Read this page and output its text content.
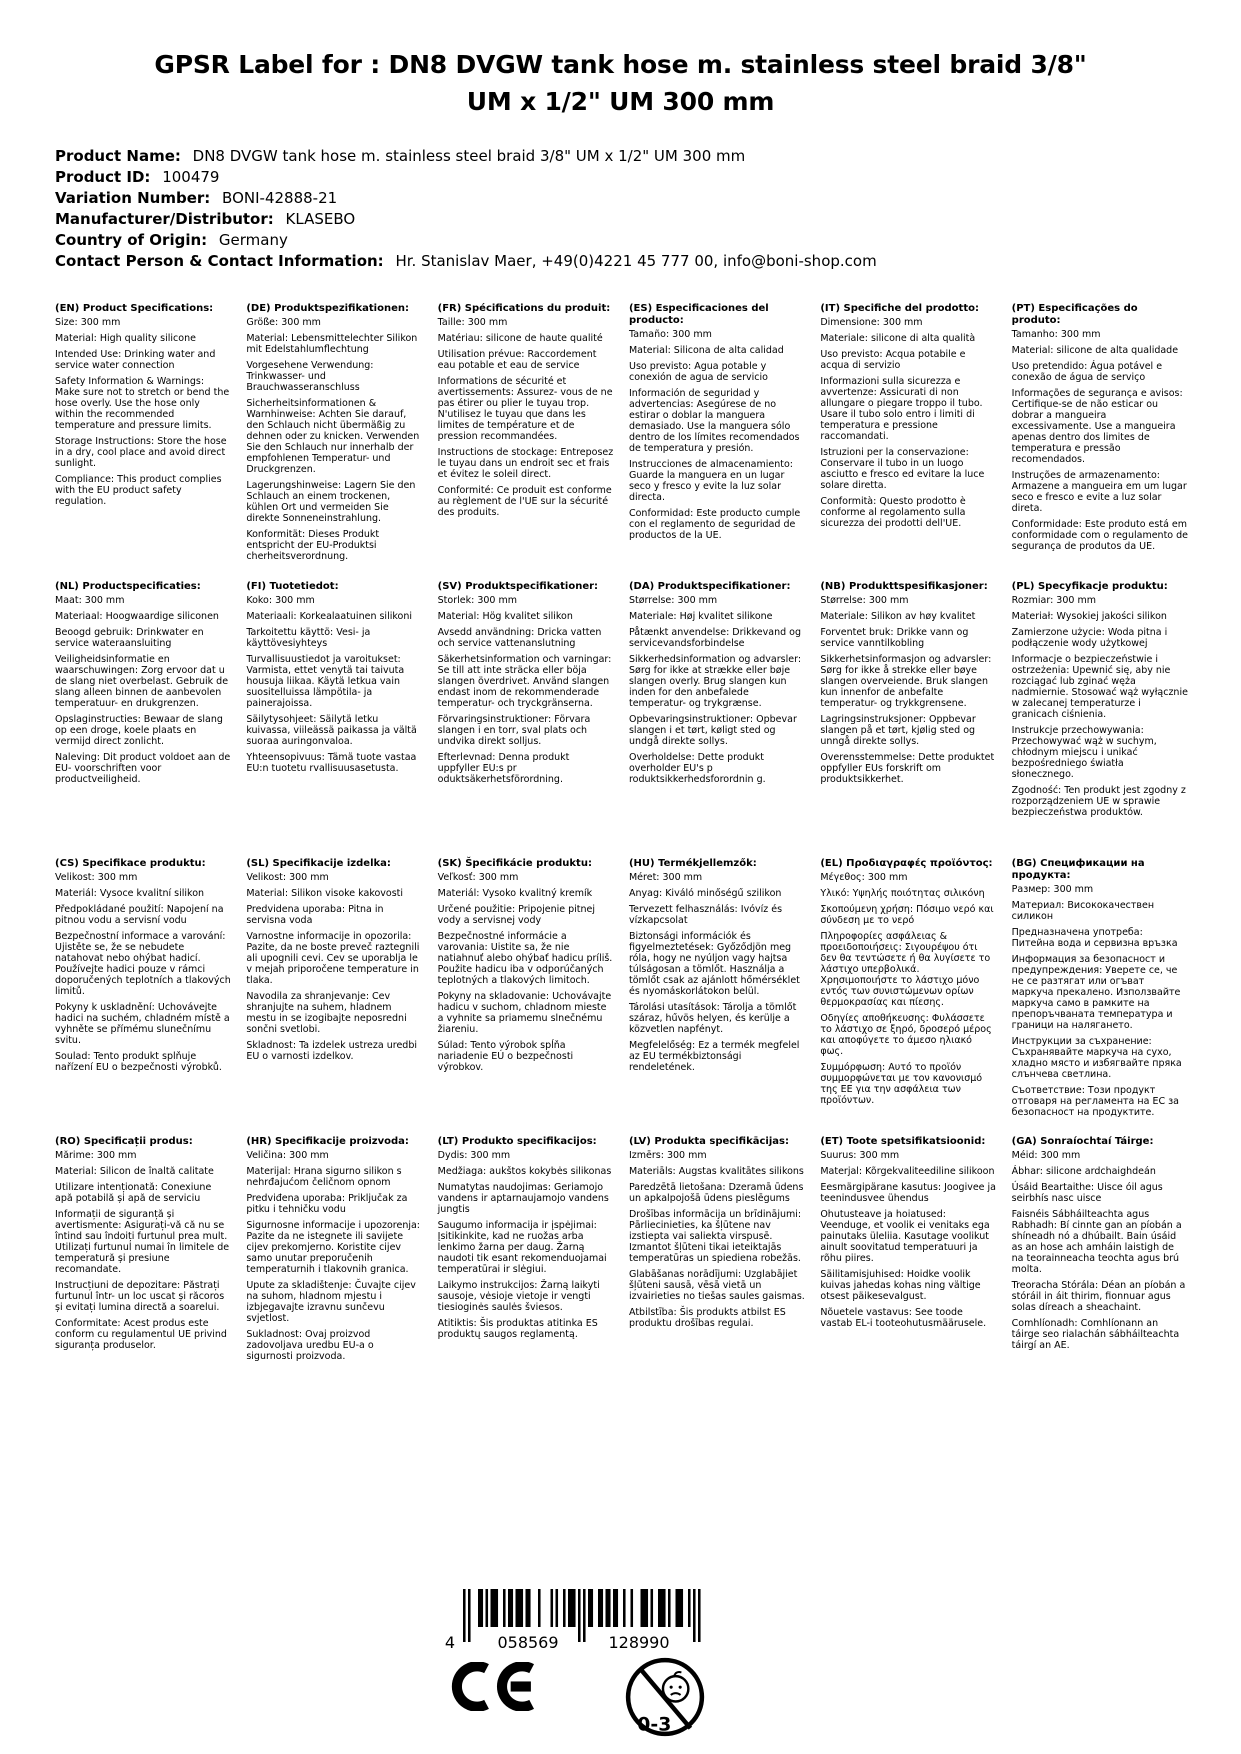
GPSR Label for : DN8 DVGW tank hose m. stainless steel braid 3/8"
UM x 1/2" UM 300 mm
Product Name: DN8 DVGW tank hose m. stainless steel braid 3/8" UM x 1/2" UM 300 mm
Product ID: 100479
Variation Number: BONI-42888-21
Manufacturer/Distributor: KLASEBO
Country of Origin: Germany
Contact Person & Contact Information: Hr. Stanislav Maer, +49(0)4221 45 777 00, info@boni-shop.com
(EN) Product Specifications:

Size: 300 mm

Material: High quality silicone

Intended Use: Drinking water and service water connection

Safety Information & Warnings: Make sure not to stretch or bend the hose overly. Use the hose only within the recommended temperature and pressure limits.

Storage Instructions: Store the hose in a dry, cool place and avoid direct sunlight.

Compliance: This product complies with the EU product safety regulation.

(DE) Produktspezifikationen:

Größe: 300 mm

Material: Lebensmittelechter Silikon mit Edelstahlumflechtung

Vorgesehene Verwendung: Trinkwasser- und Brauchwasseranschluss

Sicherheitsinformationen & Warnhinweise: Achten Sie darauf, den Schlauch nicht übermäßig zu dehnen oder zu knicken. Verwenden Sie den Schlauch nur innerhalb der empfohlenen Temperatur- und Druckgrenzen.

Lagerungshinweise: Lagern Sie den Schlauch an einem trockenen, kühlen Ort und vermeiden Sie direkte Sonneneinstrahlung.

Konformität: Dieses Produkt entspricht der EU-Produktsi cherheitsverordnung.

(FR) Spécifications du produit:

Taille: 300 mm

Matériau: silicone de haute qualité

Utilisation prévue: Raccordement eau potable et eau de service

Informations de sécurité et avertissements: Assurez- vous de ne pas étirer ou plier le tuyau trop. N'utilisez le tuyau que dans les limites de température et de pression recommandées.

Instructions de stockage: Entreposez le tuyau dans un endroit sec et frais et évitez le soleil direct.

Conformité: Ce produit est conforme au règlement de l'UE sur la sécurité des produits.

(ES) Especificaciones del producto:

Tamaño: 300 mm

Material: Silicona de alta calidad

Uso previsto: Agua potable y conexión de agua de servicio

Información de seguridad y advertencias: Asegúrese de no estirar o doblar la manguera demasiado. Use la manguera sólo dentro de los límites recomendados de temperatura y presión.

Instrucciones de almacenamiento: Guarde la manguera en un lugar seco y fresco y evite la luz solar directa.

Conformidad: Este producto cumple con el reglamento de seguridad de productos de la UE.

(IT) Specifiche del prodotto:

Dimensione: 300 mm

Materiale: silicone di alta qualità

Uso previsto: Acqua potabile e acqua di servizio

Informazioni sulla sicurezza e avvertenze: Assicurati di non allungare o piegare troppo il tubo. Usare il tubo solo entro i limiti di temperatura e pressione raccomandati.

Istruzioni per la conservazione: Conservare il tubo in un luogo asciutto e fresco ed evitare la luce solare diretta.

Conformità: Questo prodotto è conforme al regolamento sulla sicurezza dei prodotti dell'UE.

(PT) Especificações do produto:

Tamanho: 300 mm

Material: silicone de alta qualidade

Uso pretendido: Água potável e conexão de água de serviço

Informações de segurança e avisos: Certifique-se de não esticar ou dobrar a mangueira excessivamente. Use a mangueira apenas dentro dos limites de temperatura e pressão recomendados.

Instruções de armazenamento: Armazene a mangueira em um lugar seco e fresco e evite a luz solar direta.

Conformidade: Este produto está em conformidade com o regulamento de segurança de produtos da UE.

(NL) Productspecificaties:

Maat: 300 mm

Materiaal: Hoogwaardige siliconen

Beoogd gebruik: Drinkwater en service wateraansluiting

Veiligheidsinformatie en waarschuwingen: Zorg ervoor dat u de slang niet overbelast. Gebruik de slang alleen binnen de aanbevolen temperatuur- en drukgrenzen.

Opslaginstructies: Bewaar de slang op een droge, koele plaats en vermijd direct zonlicht.

Naleving: Dit product voldoet aan de EU- voorschriften voor productveiligheid.

(FI) Tuotetiedot:

Koko: 300 mm

Materiaali: Korkealaatuinen silikoni

Tarkoitettu käyttö: Vesi- ja käyttövesiyhteys

Turvallisuustiedot ja varoitukset: Varmista, ettet venytä tai taivuta housuja liikaa. Käytä letkua vain suositelluissa lämpötila- ja painerajoissa.

Säilytysohjeet: Säilytä letku kuivassa, viileässä paikassa ja vältä suoraa auringonvaloa.

Yhteensopivuus: Tämä tuote vastaa EU:n tuotetu rvallisuusasetusta.

(SV) Produktspecifikationer:

Storlek: 300 mm

Material: Hög kvalitet silikon

Avsedd användning: Dricka vatten och service vattenanslutning

Säkerhetsinformation och varningar: Se till att inte sträcka eller böja slangen överdrivet. Använd slangen endast inom de rekommenderade temperatur- och tryckgränserna.

Förvaringsinstruktioner: Förvara slangen i en torr, sval plats och undvika direkt solljus.

Efterlevnad: Denna produkt uppfyller EU:s pr oduktsäkerhetsförordning.

(DA) Produktspecifikationer:

Størrelse: 300 mm

Materiale: Høj kvalitet silikone

Påtænkt anvendelse: Drikkevand og servicevandsforbindelse

Sikkerhedsinformation og advarsler: Sørg for ikke at strække eller bøje slangen overly. Brug slangen kun inden for den anbefalede temperatur- og trykgrænse.

Opbevaringsinstruktioner: Opbevar slangen i et tørt, køligt sted og undgå direkte sollys.

Overholdelse: Dette produkt overholder EU's p roduktsikkerhedsforordnin g.

(NB) Produkttspesifikasjoner:

Størrelse: 300 mm

Materiale: Silikon av høy kvalitet

Forventet bruk: Drikke vann og service vanntilkobling

Sikkerhetsinformasjon og advarsler: Sørg for ikke å strekke eller bøye slangen overveiende. Bruk slangen kun innenfor de anbefalte temperatur- og trykkgrensene.

Lagringsinstruksjoner: Oppbevar slangen på et tørt, kjølig sted og unngå direkte sollys.

Overensstemmelse: Dette produktet oppfyller EUs forskrift om produktsikkerhet.

(PL) Specyfikacje produktu:

Rozmiar: 300 mm

Materiał: Wysokiej jakości silikon

Zamierzone użycie: Woda pitna i podłączenie wody użytkowej

Informacje o bezpieczeństwie i ostrzeżenia: Upewnić się, aby nie rozciągać lub zginać węża nadmiernie. Stosować wąż wyłącznie w zalecanej temperaturze i granicach ciśnienia.

Instrukcje przechowywania: Przechowywać wąż w suchym, chłodnym miejscu i unikać bezpośredniego światła słonecznego.

Zgodność: Ten produkt jest zgodny z rozporządzeniem UE w sprawie bezpieczeństwa produktów.

(CS) Specifikace produktu:

Velikost: 300 mm

Materiál: Vysoce kvalitní silikon

Předpokládané použití: Napojení na pitnou vodu a servisní vodu

Bezpečnostní informace a varování: Ujistěte se, že se nebudete natahovat nebo ohýbat hadicí. Používejte hadici pouze v rámci doporučených teplotních a tlakových limitů.

Pokyny k uskladnění: Uchovávejte hadici na suchém, chladném místě a vyhněte se přímému slunečnímu svitu.

Soulad: Tento produkt splňuje nařízení EU o bezpečnosti výrobků.

(SL) Specifikacije izdelka:

Velikost: 300 mm

Material: Silikon visoke kakovosti

Predvidena uporaba: Pitna in servisna voda

Varnostne informacije in opozorila: Pazite, da ne boste preveč raztegnili ali upognili cevi. Cev se uporablja le v mejah priporočene temperature in tlaka.

Navodila za shranjevanje: Cev shranjujte na suhem, hladnem mestu in se izogibajte neposredni sončni svetlobi.

Skladnost: Ta izdelek ustreza uredbi EU o varnosti izdelkov.

(SK) Špecifikácie produktu:

Veľkosť: 300 mm

Materiál: Vysoko kvalitný kremík

Určené použitie: Pripojenie pitnej vody a servisnej vody

Bezpečnostné informácie a varovania: Uistite sa, že nie natiahnuť alebo ohýbať hadicu príliš. Použite hadicu iba v odporúčaných teplotných a tlakových limitoch.

Pokyny na skladovanie: Uchovávajte hadicu v suchom, chladnom mieste a vyhnite sa priamemu slnečnému žiareniu.

Súlad: Tento výrobok spĺňa nariadenie EÚ o bezpečnosti výrobkov.

(HU) Termékjellemzők:

Méret: 300 mm

Anyag: Kiváló minőségű szilikon

Tervezett felhasználás: Ivóvíz és vízkapcsolat

Biztonsági információk és figyelmeztetések: Győződjön meg róla, hogy ne nyúljon vagy hajtsa túlságosan a tömlőt. Használja a tömlőt csak az ajánlott hőmérséklet és nyomáskorlátokon belül.

Tárolási utasítások: Tárolja a tömlőt száraz, hűvös helyen, és kerülje a közvetlen napfényt.

Megfelelőség: Ez a termék megfelel az EU termékbiztonsági rendeletének.

(EL) Προδιαγραφές προϊόντος:

Μέγεθος: 300 mm

Υλικό: Υψηλής ποιότητας σιλικόνη

Σκοπούμενη χρήση: Πόσιμο νερό και σύνδεση με το νερό

Πληροφορίες ασφάλειας & προειδοποιήσεις: Σιγουρέψου ότι δεν θα τεντώσετε ή θα λυγίσετε το λάστιχο υπερβολικά. Χρησιμοποιήστε το λάστιχο μόνο εντός των συνιστώμενων ορίων θερμοκρασίας και πίεσης.

Οδηγίες αποθήκευσης: Φυλάσσετε το λάστιχο σε ξηρό, δροσερό μέρος και αποφύγετε το άμεσο ηλιακό φως.

Συμμόρφωση: Αυτό το προϊόν συμμορφώνεται με τον κανονισμό της ΕΕ για την ασφάλεια των προϊόντων.

(BG) Спецификации на продукта:

Размер: 300 mm

Материал: Висококачествен силикон

Предназначена употреба: Питейна вода и сервизна връзка

Информация за безопасност и предупреждения: Уверете се, че не се разтягат или огъват маркуча прекалено. Използвайте маркуча само в рамките на препоръчваната температура и граници на налягането.

Инструкции за съхранение: Съхранявайте маркуча на сухо, хладно място и избягвайте пряка слънчева светлина.

Съответствие: Този продукт отговаря на регламента на ЕС за безопасност на продуктите.

(RO) Specificații produs:

Mărime: 300 mm

Material: Silicon de înaltă calitate

Utilizare intenționată: Conexiune apă potabilă și apă de serviciu

Informații de siguranță și avertismente: Asigurați-vă că nu se întind sau îndoiți furtunul prea mult. Utilizați furtunul numai în limitele de temperatură și presiune recomandate.

Instrucțiuni de depozitare: Păstrați furtunul într- un loc uscat și răcoros și evitați lumina directă a soarelui.

Conformitate: Acest produs este conform cu regulamentul UE privind siguranța produselor.

(HR) Specifikacije proizvoda:

Veličina: 300 mm

Materijal: Hrana sigurno silikon s nehrđajućom čeličnom opnom

Predviđena uporaba: Priključak za pitku i tehničku vodu

Sigurnosne informacije i upozorenja: Pazite da ne istegnete ili savijete cijev prekomjerno. Koristite cijev samo unutar preporučenih temperaturnih i tlakovnih granica.

Upute za skladištenje: Čuvajte cijev na suhom, hladnom mjestu i izbjegavajte izravnu sunčevu svjetlost.

Sukladnost: Ovaj proizvod zadovoljava uredbu EU-a o sigurnosti proizvoda.

(LT) Produkto specifikacijos:

Dydis: 300 mm

Medžiaga: aukštos kokybės silikonas

Numatytas naudojimas: Geriamojo vandens ir aptarnaujamojo vandens jungtis

Saugumo informacija ir įspėjimai: Įsitikinkite, kad ne ruožas arba lenkimo žarna per daug. Žarną naudoti tik esant rekomenduojamai temperatūrai ir slėgiui.

Laikymo instrukcijos: Žarną laikyti sausoje, vėsioje vietoje ir vengti tiesioginės saulės šviesos.

Atitiktis: Šis produktas atitinka ES produktų saugos reglamentą.

(LV) Produkta specifikācijas:

Izmērs: 300 mm

Materiāls: Augstas kvalitātes silikons

Paredzētā lietošana: Dzeramā ūdens un apkalpojošā ūdens pieslēgums

Drošības informācija un brīdinājumi: Pārliecinieties, ka šļūtene nav izstiepta vai saliekta virspusē. Izmantot šļūteni tikai ieteiktajās temperatūras un spiediena robežās.

Glabāšanas norādījumi: Uzglabājiet šļūteni sausā, vēsā vietā un izvairieties no tiešas saules gaismas.

Atbilstība: Šis produkts atbilst ES produktu drošības regulai.

(ET) Toote spetsifikatsioonid:

Suurus: 300 mm

Materjal: Kõrgekvaliteediline silikoon

Eesmärgipärane kasutus: Joogivee ja teenindusvee ühendus

Ohutusteave ja hoiatused: Veenduge, et voolik ei venitaks ega painutaks üleliia. Kasutage voolikut ainult soovitatud temperatuuri ja rõhu piires.

Säilitamisjuhised: Hoidke voolik kuivas jahedas kohas ning vältige otsest päikesevalgust.

Nõuetele vastavus: See toode vastab EL-i tooteohutusmäärusele.

(GA) Sonraíochtaí Táirge:

Méid: 300 mm

Ábhar: silicone ardchaighdeán

Úsáid Beartaithe: Uisce óil agus seirbhís nasc uisce

Faisnéis Sábháilteachta agus Rabhadh: Bí cinnte gan an píobán a shíneadh nó a dhúbailt. Bain úsáid as an hose ach amháin laistigh de na teorainneacha teochta agus brú molta.

Treoracha Stórála: Déan an píobán a stóráil in áit thirim, fionnuar agus solas díreach a sheachaint.

Comhlíonadh: Comhlíonann an táirge seo rialachán sábháilteachta táirgí an AE.

4	058569	128990
0-3
